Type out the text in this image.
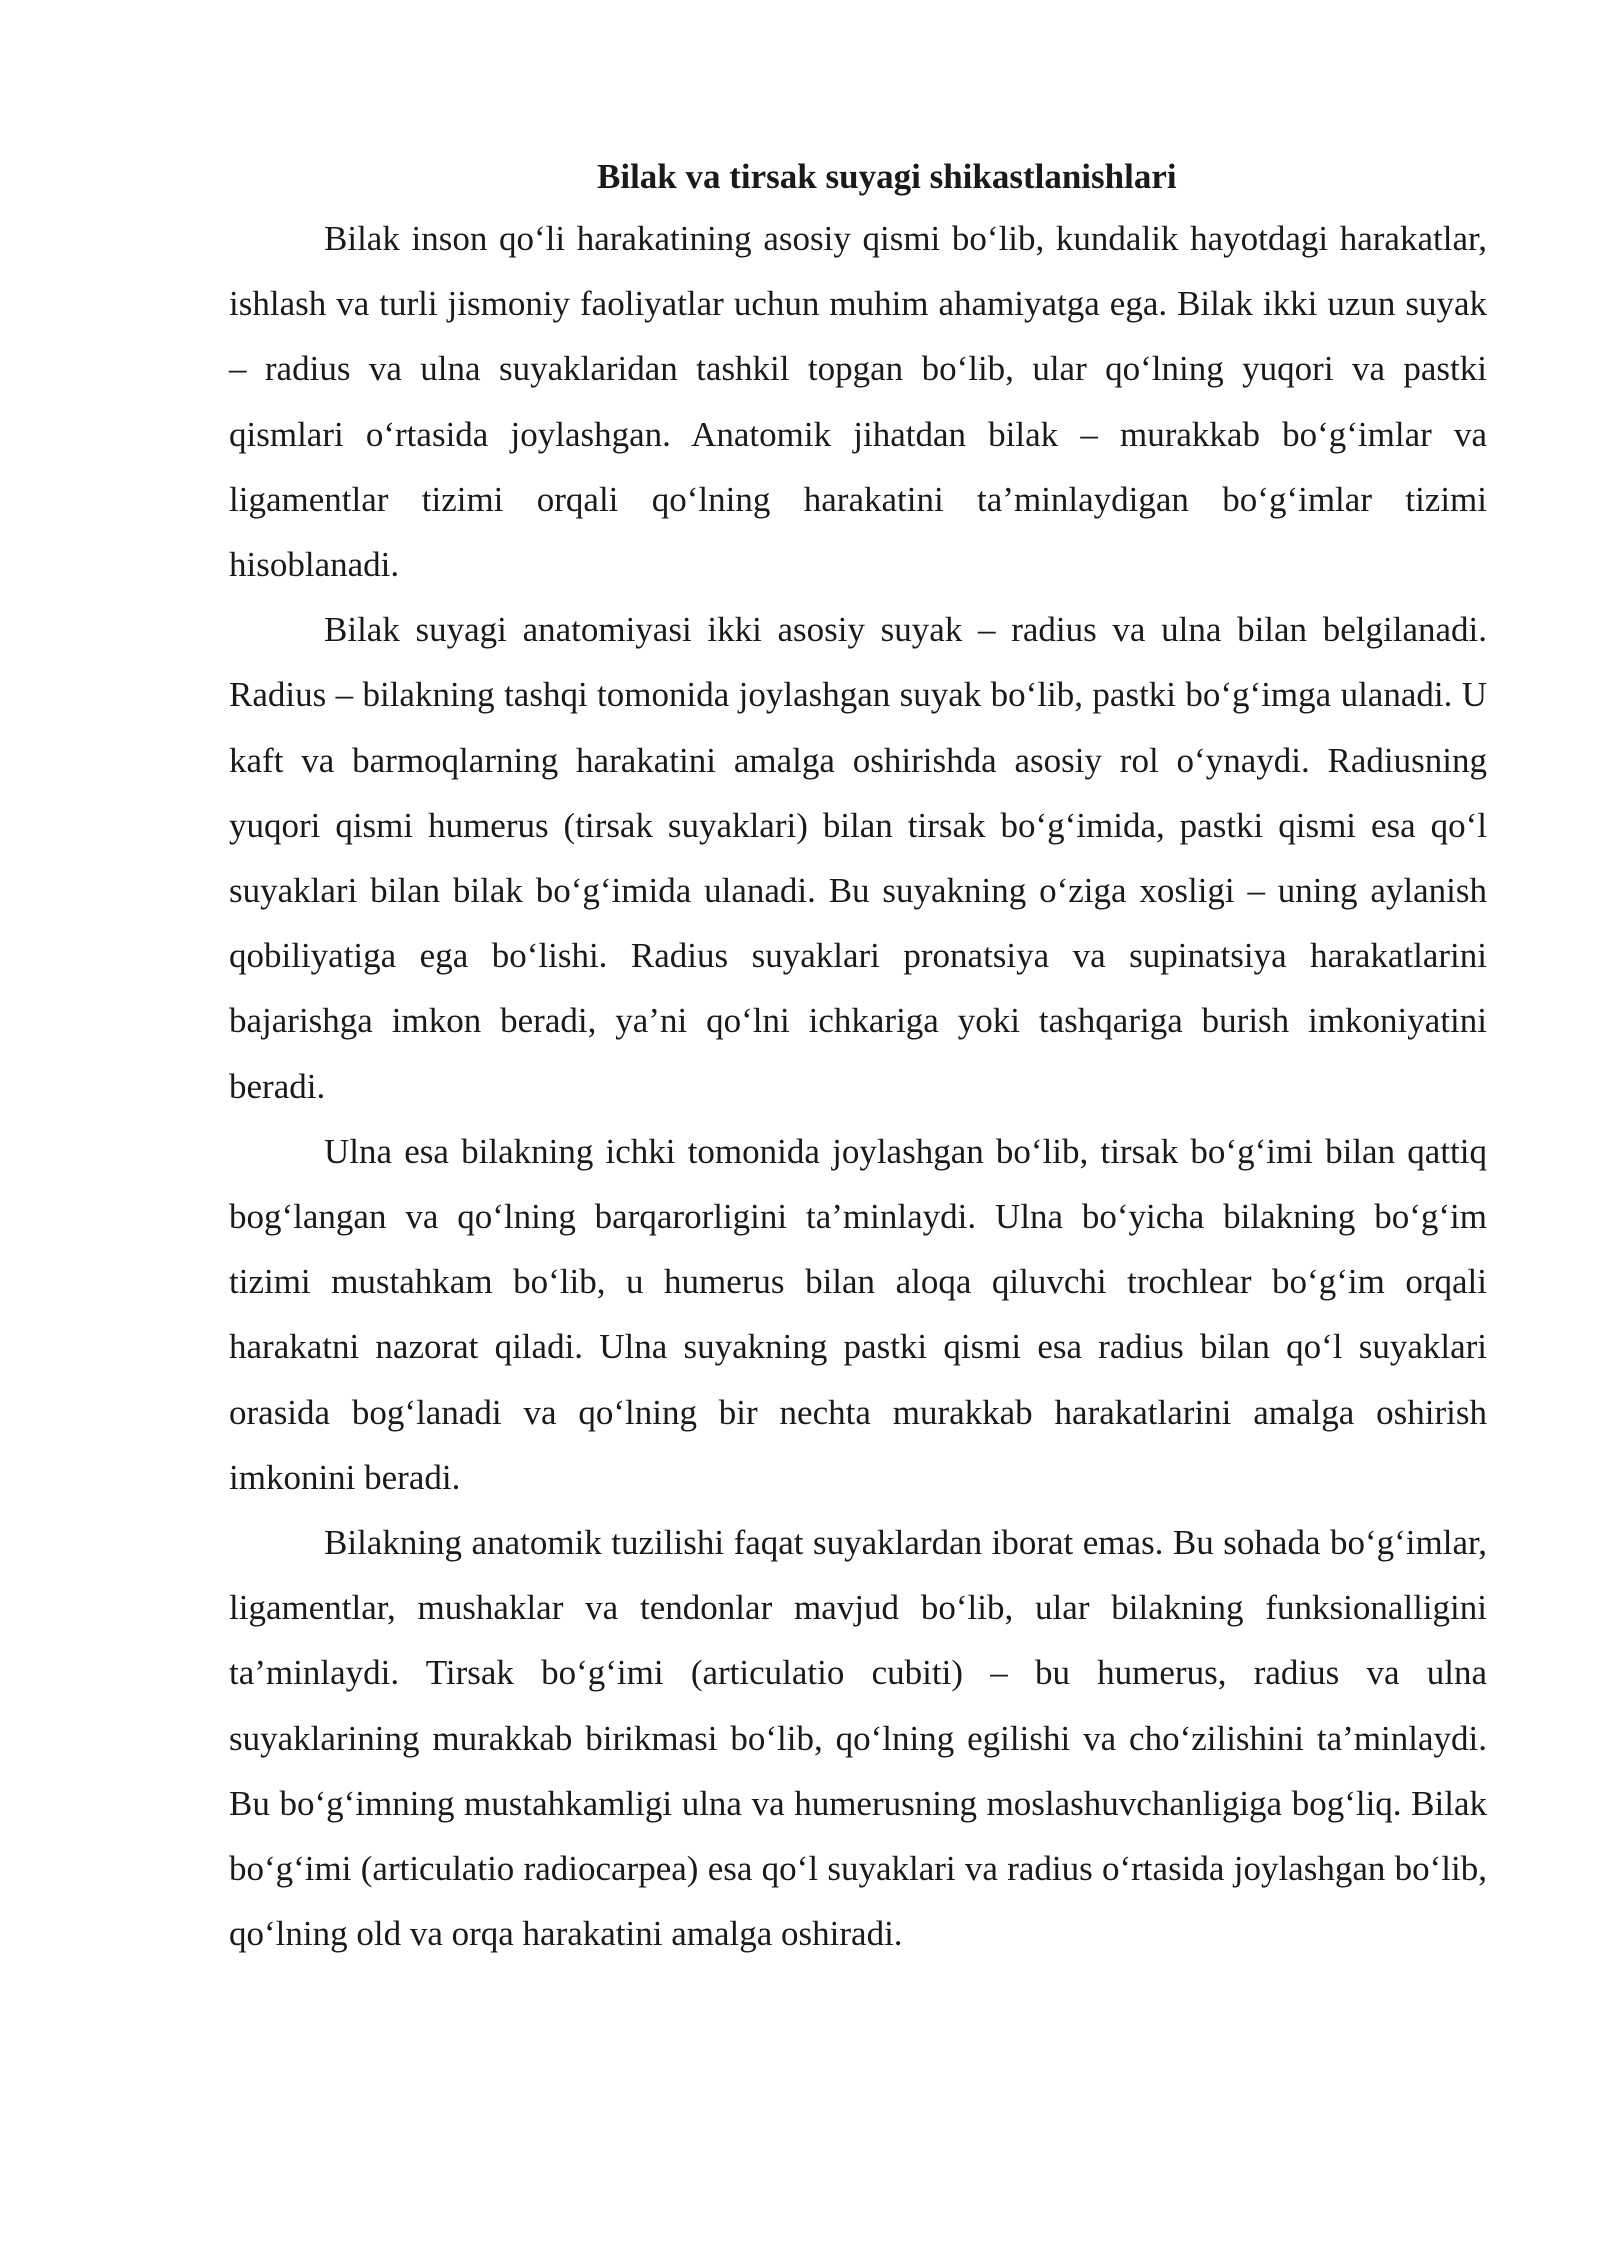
Bilak va tirsak suyagi shikastlanishlari

Bilak inson qo‘li harakatining asosiy qismi bo‘lib, kundalik hayotdagi harakatlar, ishlash va turli jismoniy faoliyatlar uchun muhim ahamiyatga ega. Bilak ikki uzun suyak – radius va ulna suyaklaridan tashkil topgan bo‘lib, ular qo‘lning yuqori va pastki qismlari o‘rtasida joylashgan. Anatomik jihatdan bilak – murakkab bo‘g‘imlar va ligamentlar tizimi orqali qo‘lning harakatini ta’minlaydigan bo‘g‘imlar tizimi hisoblanadi.

Bilak suyagi anatomiyasi ikki asosiy suyak – radius va ulna bilan belgilanadi. Radius – bilakning tashqi tomonida joylashgan suyak bo‘lib, pastki bo‘g‘imga ulanadi. U kaft va barmoqlarning harakatini amalga oshirishda asosiy rol o‘ynaydi. Radiusning yuqori qismi humerus (tirsak suyaklari) bilan tirsak bo‘g‘imida, pastki qismi esa qo‘l suyaklari bilan bilak bo‘g‘imida ulanadi. Bu suyakning o‘ziga xosligi – uning aylanish qobiliyatiga ega bo‘lishi. Radius suyaklari pronatsiya va supinatsiya harakatlarini bajarishga imkon beradi, ya’ni qo‘lni ichkariga yoki tashqariga burish imkoniyatini beradi.

Ulna esa bilakning ichki tomonida joylashgan bo‘lib, tirsak bo‘g‘imi bilan qattiq bog‘langan va qo‘lning barqarorligini ta’minlaydi. Ulna bo‘yicha bilakning bo‘g‘im tizimi mustahkam bo‘lib, u humerus bilan aloqa qiluvchi trochlear bo‘g‘im orqali harakatni nazorat qiladi. Ulna suyakning pastki qismi esa radius bilan qo‘l suyaklari orasida bog‘lanadi va qo‘lning bir nechta murakkab harakatlarini amalga oshirish imkonini beradi.

Bilakning anatomik tuzilishi faqat suyaklardan iborat emas. Bu sohada bo‘g‘imlar, ligamentlar, mushaklar va tendonlar mavjud bo‘lib, ular bilakning funksionalligini ta’minlaydi. Tirsak bo‘g‘imi (articulatio cubiti) – bu humerus, radius va ulna suyaklarining murakkab birikmasi bo‘lib, qo‘lning egilishi va cho‘zilishini ta’minlaydi. Bu bo‘g‘imning mustahkamligi ulna va humerusning moslashuvchanligiga bog‘liq. Bilak bo‘g‘imi (articulatio radiocarpea) esa qo‘l suyaklari va radius o‘rtasida joylashgan bo‘lib, qo‘lning old va orqa harakatini amalga oshiradi.
